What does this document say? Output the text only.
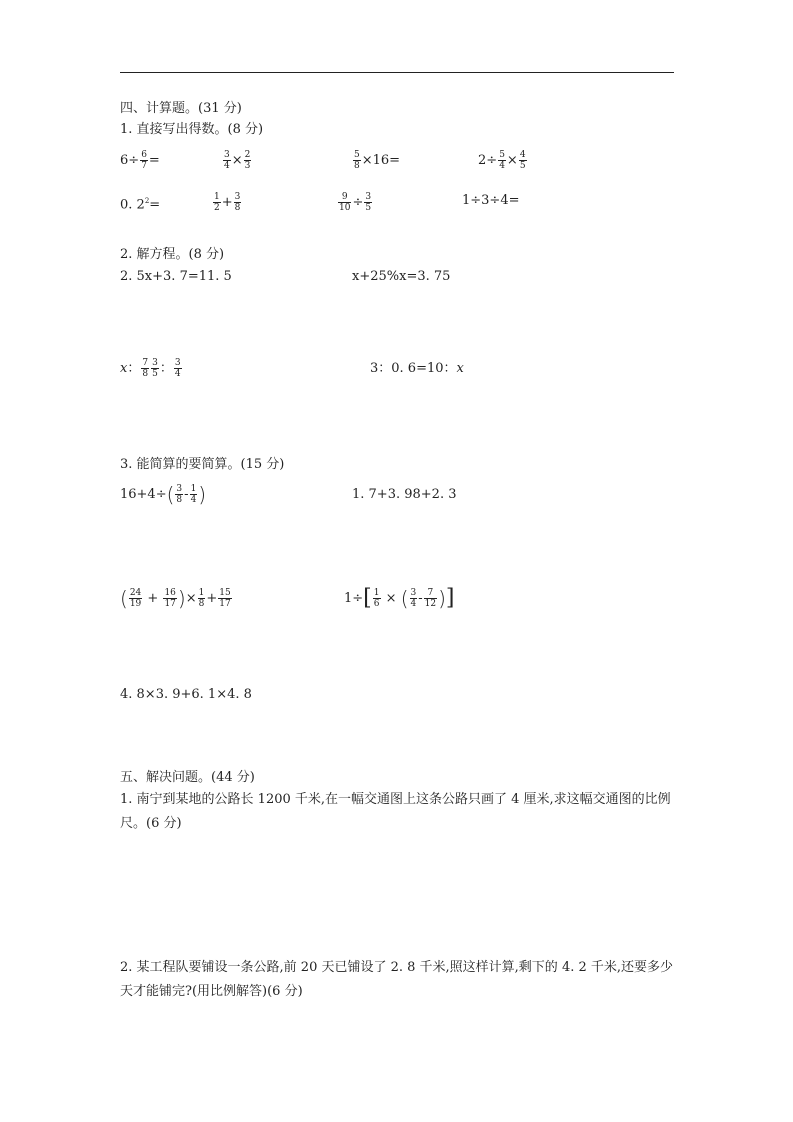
四、计算题。(31 分)
1. 直接写出得数。(8 分)
$6\div \frac{6}{7}$ =	$\frac{3}{4} \times \frac{2}{3}$	$\frac{5}{8} \times 16=$	$2\div \frac{5}{4} \times \frac{4}{5}$
0. $2^2=$	$\frac{1}{2} + \frac{3}{8}$	$\frac{9}{10} \div \frac{3}{5}$	1÷3÷4=
2. 解方程。(8 分)
2. 5x+3. 7=11. 5	x+25%x=3. 75
x： $\frac{7}{8} \frac{3}{5}$ ： $\frac{3}{4}$	3：0. 6=10：x
3. 能简算的要简算。(15 分)
$16+4\div( \frac{3}{8} - \frac{1}{4}$ )	1. 7+3. 98+2. 3
( $\frac{24}{19} + \frac{16}{17}$ )× $\frac{1}{8} + \frac{15}{17}$	$1\div[ \frac{1}{6}$ × ( $\frac{3}{4} - \frac{7}{12}$ )]
4. 8×3. 9+6. 1×4. 8
五、解决问题。(44 分)
1. 南宁到某地的公路长 1200 千米,在一幅交通图上这条公路只画了 4 厘米,求这幅交通图的比例尺。(6 分)
2. 某工程队要铺设一条公路,前 20 天已铺设了 2. 8 千米,照这样计算,剩下的 4. 2 千米,还要多少天才能铺完?(用比例解答)(6 分)
